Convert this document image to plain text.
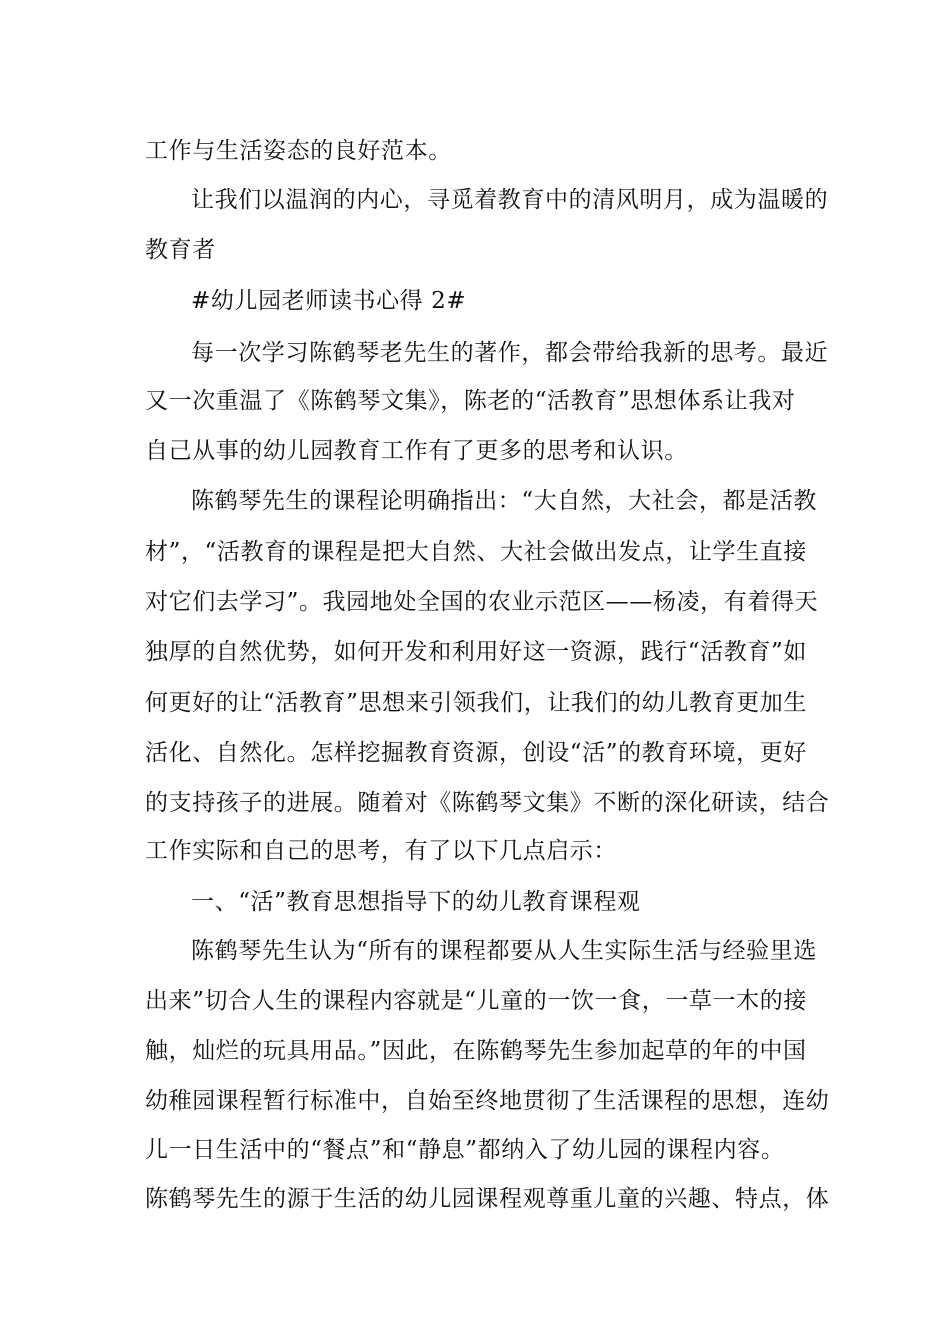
工作与生活姿态的良好范本。
让我们以温润的内心，寻觅着教育中的清风明月，成为温暖的
教育者
#幼儿园老师读书心得 2#
每一次学习陈鹤琴老先生的著作，都会带给我新的思考。最近
又一次重温了《陈鹤琴文集》，陈老的“活教育”思想体系让我对
自己从事的幼儿园教育工作有了更多的思考和认识。
陈鹤琴先生的课程论明确指出：“大自然，大社会，都是活教
材”，“活教育的课程是把大自然、大社会做出发点，让学生直接
对它们去学习”。我园地处全国的农业示范区——杨凌，有着得天
独厚的自然优势，如何开发和利用好这一资源，践行“活教育”如
何更好的让“活教育”思想来引领我们，让我们的幼儿教育更加生
活化、自然化。怎样挖掘教育资源，创设“活”的教育环境，更好
的支持孩子的进展。随着对《陈鹤琴文集》不断的深化研读，结合
工作实际和自己的思考，有了以下几点启示：
一、“活”教育思想指导下的幼儿教育课程观
陈鹤琴先生认为“所有的课程都要从人生实际生活与经验里选
出来”切合人生的课程内容就是“儿童的一饮一食，一草一木的接
触，灿烂的玩具用品。”因此，在陈鹤琴先生参加起草的年的中国
幼稚园课程暂行标准中，自始至终地贯彻了生活课程的思想，连幼
儿一日生活中的“餐点”和“静息”都纳入了幼儿园的课程内容。
陈鹤琴先生的源于生活的幼儿园课程观尊重儿童的兴趣、特点，体
